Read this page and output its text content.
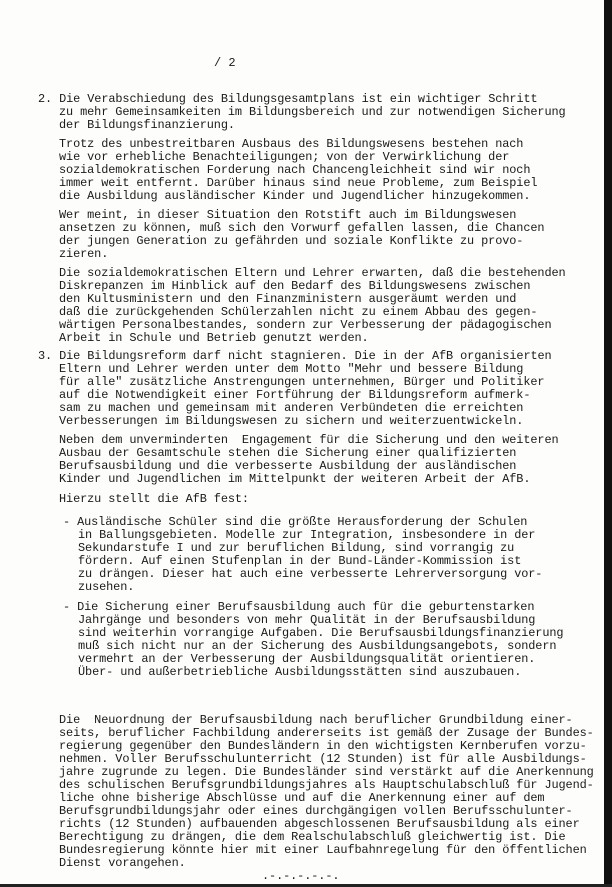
/ 2
2. Die Verabschiedung des Bildungsgesamtplans ist ein wichtiger Schritt
zu mehr Gemeinsamkeiten im Bildungsbereich und zur notwendigen Sicherung
der Bildungsfinanzierung.
Trotz des unbestreitbaren Ausbaus des Bildungswesens bestehen nach
wie vor erhebliche Benachteiligungen; von der Verwirklichung der
sozialdemokratischen Forderung nach Chancengleichheit sind wir noch
immer weit entfernt. Darüber hinaus sind neue Probleme, zum Beispiel
die Ausbildung ausländischer Kinder und Jugendlicher hinzugekommen.
Wer meint, in dieser Situation den Rotstift auch im Bildungswesen
ansetzen zu können, muß sich den Vorwurf gefallen lassen, die Chancen
der jungen Generation zu gefährden und soziale Konflikte zu provo-
zieren.
Die sozialdemokratischen Eltern und Lehrer erwarten, daß die bestehenden
Diskrepanzen im Hinblick auf den Bedarf des Bildungswesens zwischen
den Kultusministern und den Finanzministern ausgeräumt werden und
daß die zurückgehenden Schülerzahlen nicht zu einem Abbau des gegen-
wärtigen Personalbestandes, sondern zur Verbesserung der pädagogischen
Arbeit in Schule und Betrieb genutzt werden.
3. Die Bildungsreform darf nicht stagnieren. Die in der AfB organisierten
Eltern und Lehrer werden unter dem Motto "Mehr und bessere Bildung
für alle" zusätzliche Anstrengungen unternehmen, Bürger und Politiker
auf die Notwendigkeit einer Fortführung der Bildungsreform aufmerk-
sam zu machen und gemeinsam mit anderen Verbündeten die erreichten
Verbesserungen im Bildungswesen zu sichern und weiterzuentwickeln.
Neben dem unverminderten  Engagement für die Sicherung und den weiteren
Ausbau der Gesamtschule stehen die Sicherung einer qualifizierten
Berufsausbildung und die verbesserte Ausbildung der ausländischen
Kinder und Jugendlichen im Mittelpunkt der weiteren Arbeit der AfB.
Hierzu stellt die AfB fest:
- Ausländische Schüler sind die größte Herausforderung der Schulen
in Ballungsgebieten. Modelle zur Integration, insbesondere in der
Sekundarstufe I und zur beruflichen Bildung, sind vorrangig zu
fördern. Auf einen Stufenplan in der Bund-Länder-Kommission ist
zu drängen. Dieser hat auch eine verbesserte Lehrerversorgung vor-
zusehen.
- Die Sicherung einer Berufsausbildung auch für die geburtenstarken
Jahrgänge und besonders von mehr Qualität in der Berufsausbildung
sind weiterhin vorrangige Aufgaben. Die Berufsausbildungsfinanzierung
muß sich nicht nur an der Sicherung des Ausbildungsangebots, sondern
vermehrt an der Verbesserung der Ausbildungsqualität orientieren.
Über- und außerbetriebliche Ausbildungsstätten sind auszubauen.
Die  Neuordnung der Berufsausbildung nach beruflicher Grundbildung einer-
seits, beruflicher Fachbildung andererseits ist gemäß der Zusage der Bundes-
regierung gegenüber den Bundesländern in den wichtigsten Kernberufen vorzu-
nehmen. Voller Berufsschulunterricht (12 Stunden) ist für alle Ausbildungs-
jahre zugrunde zu legen. Die Bundesländer sind verstärkt auf die Anerkennung
des schulischen Berufsgrundbildungsjahres als Hauptschulabschluß für Jugend-
liche ohne bisherige Abschlüsse und auf die Anerkennung einer auf dem
Berufsgrundbildungsjahr oder eines durchgängigen vollen Berufsschulunter-
richts (12 Stunden) aufbauenden abgeschlossenen Berufsausbildung als einer
Berechtigung zu drängen, die dem Realschulabschluß gleichwertig ist. Die
Bundesregierung könnte hier mit einer Laufbahnregelung für den öffentlichen
Dienst vorangehen.
.-.-.-.-.-.
